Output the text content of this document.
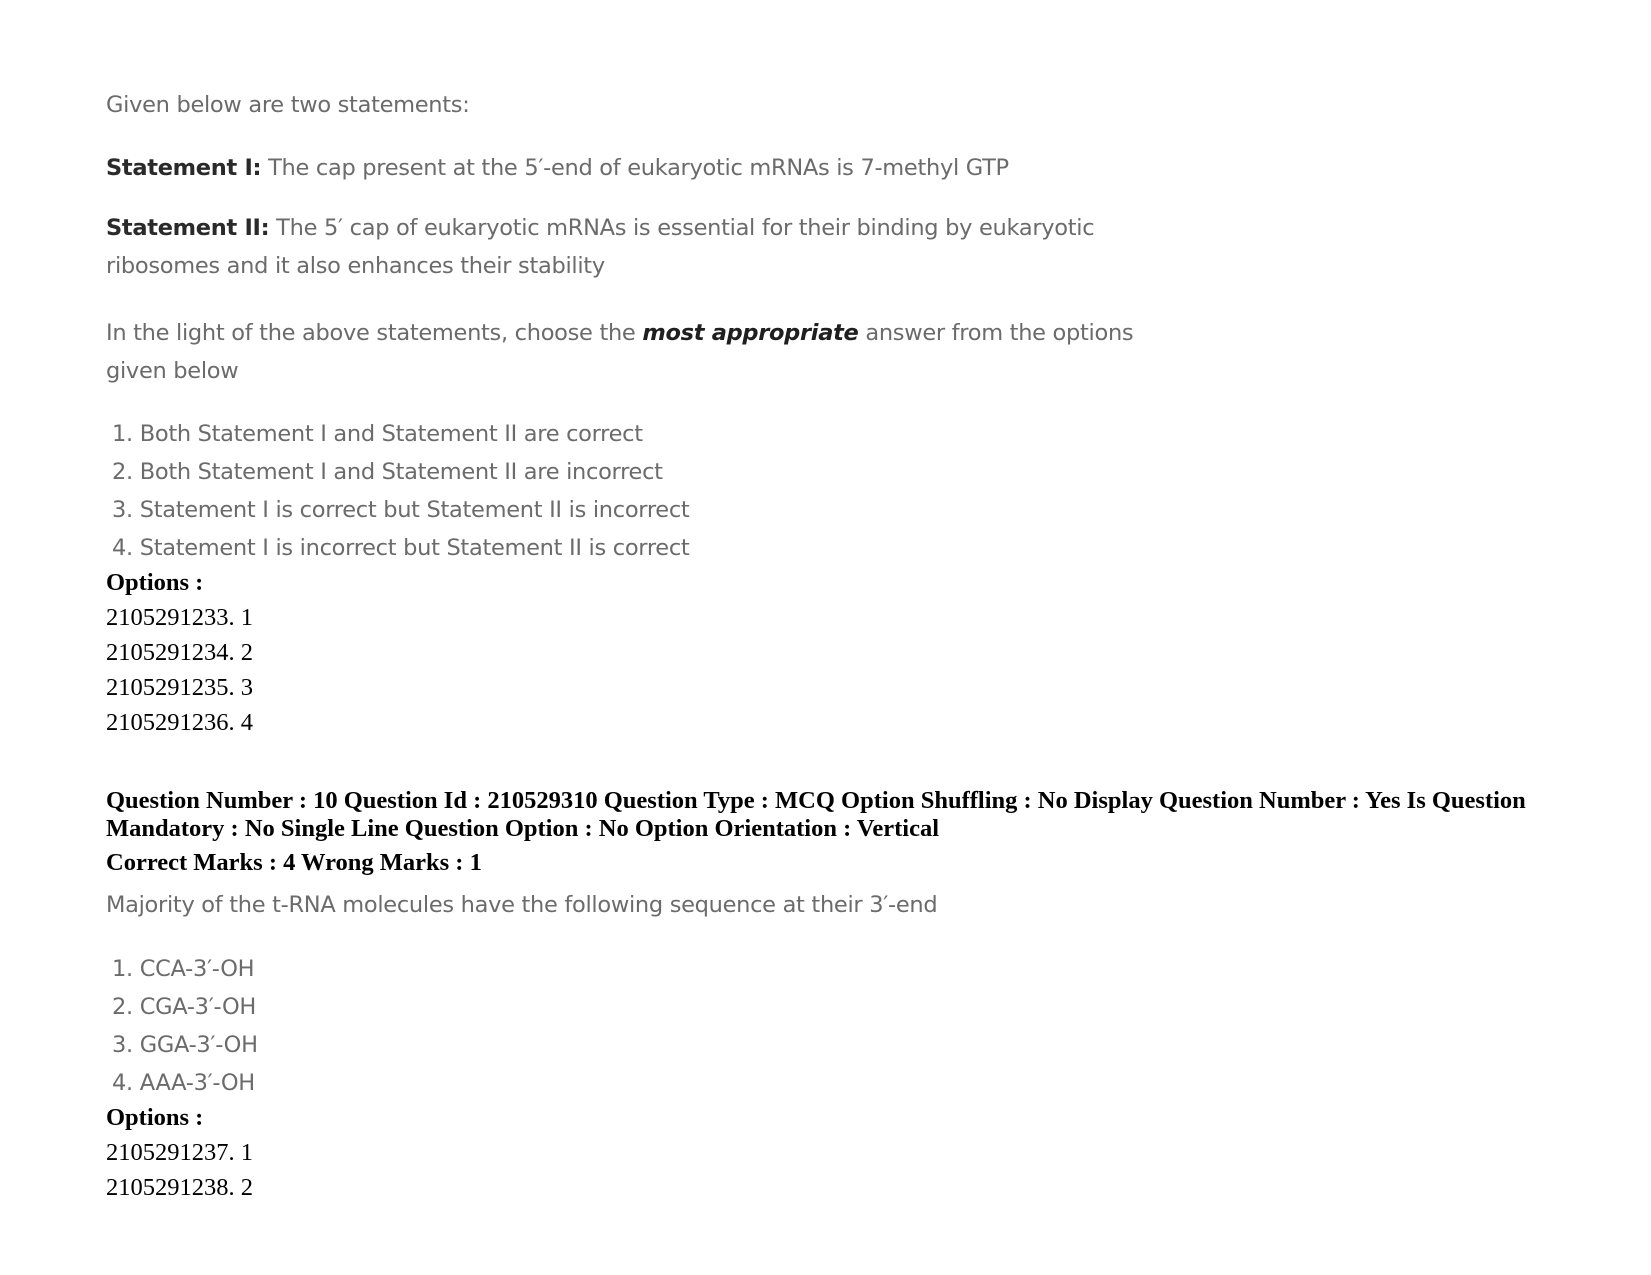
Given below are two statements:
Statement I: The cap present at the 5′-end of eukaryotic mRNAs is 7-methyl GTP
Statement II: The 5′ cap of eukaryotic mRNAs is essential for their binding by eukaryotic
ribosomes and it also enhances their stability
In the light of the above statements, choose the most appropriate answer from the options
given below
1. Both Statement I and Statement II are correct
2. Both Statement I and Statement II are incorrect
3. Statement I is correct but Statement II is incorrect
4. Statement I is incorrect but Statement II is correct
Options :
2105291233. 1
2105291234. 2
2105291235. 3
2105291236. 4
Question Number : 10 Question Id : 210529310 Question Type : MCQ Option Shuffling : No Display Question Number : Yes Is Question
Mandatory : No Single Line Question Option : No Option Orientation : Vertical
Correct Marks : 4 Wrong Marks : 1
Majority of the t-RNA molecules have the following sequence at their 3′-end
1. CCA-3′-OH
2. CGA-3′-OH
3. GGA-3′-OH
4. AAA-3′-OH
Options :
2105291237. 1
2105291238. 2
